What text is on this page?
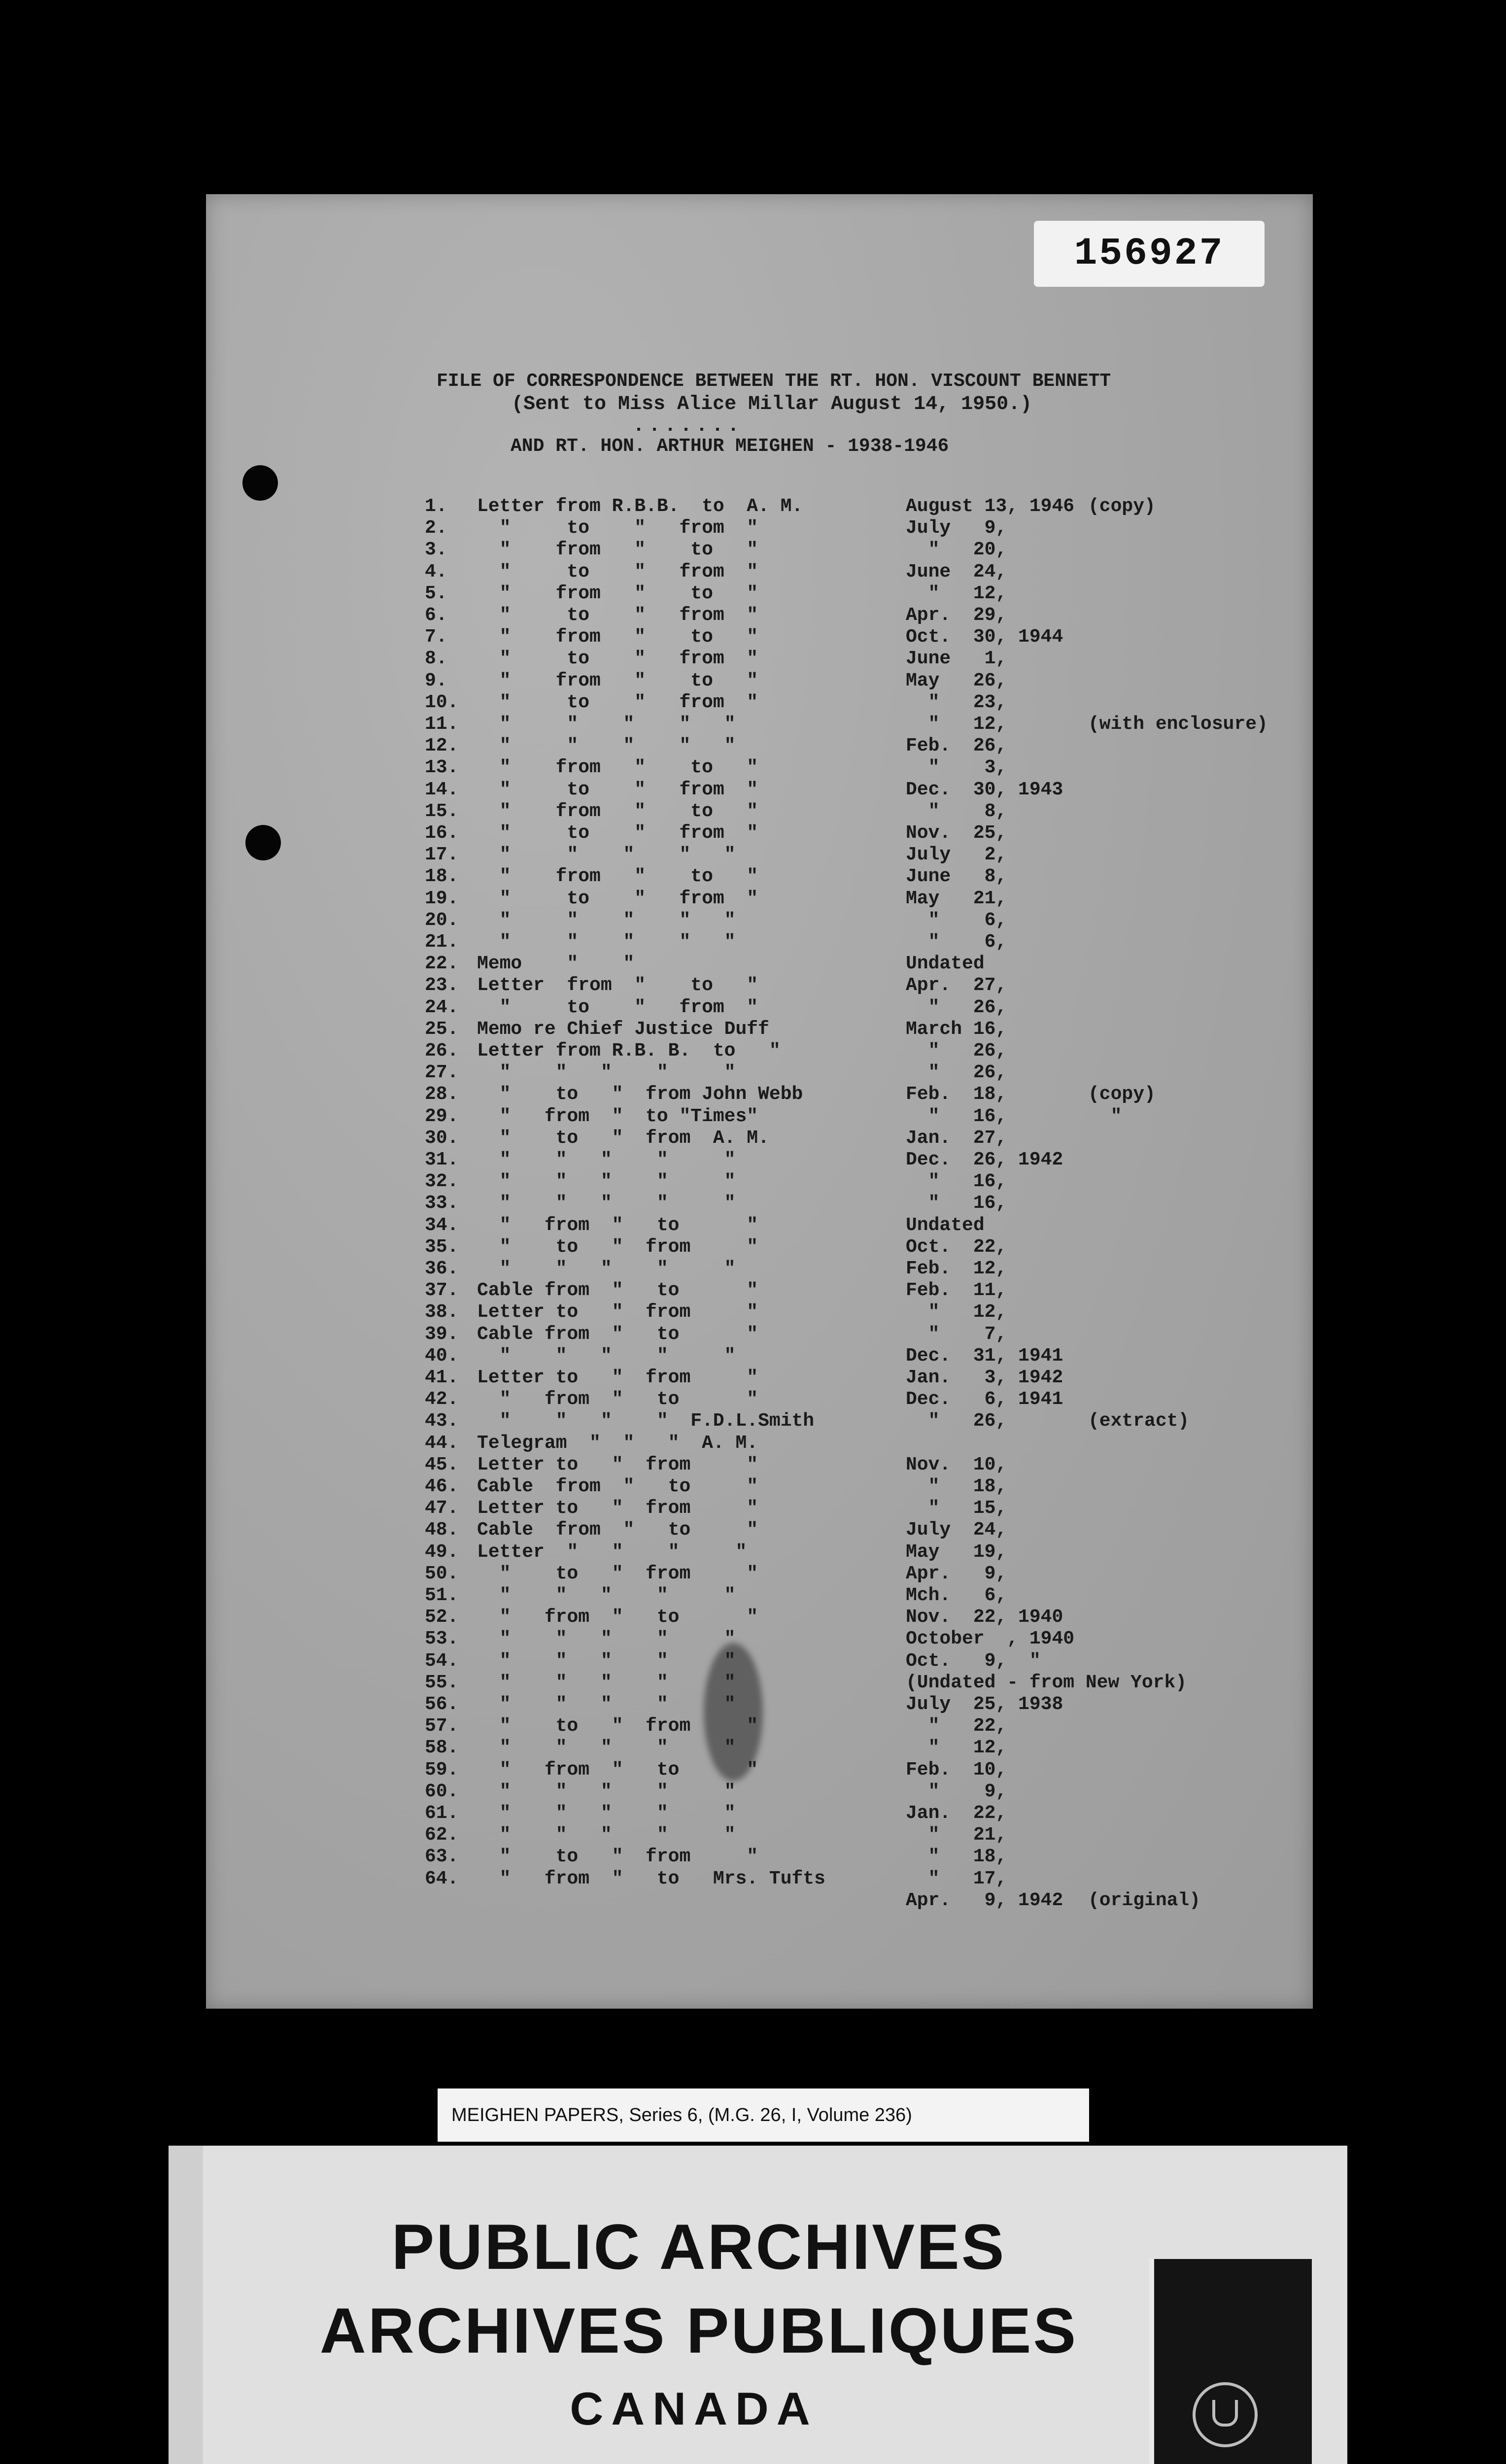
156927

FILE OF CORRESPONDENCE BETWEEN THE RT. HON. VISCOUNT BENNETT

AND RT. HON. ARTHUR MEIGHEN - 1938-1946

(Sent to Miss Alice Millar August 14, 1950.)
.......
1. Letter from R.B.B.  to  A. M.	August 13, 1946 (copy)
2. "     to    "   from  "	July   9,
3. "    from   "    to   "	"   20,
4. "     to    "   from  "	June  24,
5. "    from   "    to   "	"   12,
6. "     to    "   from  "	Apr.  29,
7. "    from   "    to   "	Oct.  30, 1944
8. "     to    "   from  "	June   1,
9. "    from   "    to   "	May   26,
10. "     to    "   from  "	"   23,
11. "     "    "    "   "	"   12,	(with enclosure)
12. "     "    "    "   "	Feb.  26,
13. "    from   "    to   "	"    3,
14. "     to    "   from  "	Dec.  30, 1943
15. "    from   "    to   "	"    8,
16. "     to    "   from  "	Nov.  25,
17. "     "    "    "   "	July   2,
18. "    from   "    to   "	June   8,
19. "     to    "   from  "	May   21,
20. "     "    "    "   "	"    6,
21. "     "    "    "   "	"    6,
22. Memo    "    "	Undated
23. Letter  from  "    to   "	Apr.  27,
24. "     to    "   from  "	"   26,
25. Memo re Chief Justice Duff	March 16,
26. Letter from R.B. B.  to   "	"   26,
27. "    "   "    "     "	"   26,
28. "    to   "  from John Webb	Feb.  18,	(copy)
29. "   from  "  to "Times"	"   16,	"
30. "    to   "  from  A. M.	Jan.  27,
31. "    "   "    "     "	Dec.  26, 1942
32. "    "   "    "     "	"   16,
33. "    "   "    "     "	"   16,
34. "   from  "   to      "	Undated
35. "    to   "  from     "	Oct.  22,
36. "    "   "    "     "	Feb.  12,
37. Cable from  "   to      "	Feb.  11,
38. Letter to   "  from     "	"   12,
39. Cable from  "   to      "	"    7,
40. "    "   "    "     "	Dec.  31, 1941
41. Letter to   "  from     "	Jan.   3, 1942
42. "   from  "   to      "	Dec.   6, 1941
43. "    "   "    "  F.D.L.Smith	"   26,	(extract)
44. Telegram  "  "   "  A. M.
45. Letter to   "  from     "	Nov.  10,
46. Cable  from  "   to     "	"   18,
47. Letter to   "  from     "	"   15,
48. Cable  from  "   to     "	July  24,
49. Letter  "   "    "     "	May   19,
50. "    to   "  from     "	Apr.   9,
51. "    "   "    "     "	Mch.   6,
52. "   from  "   to      "	Nov.  22, 1940
53. "    "   "    "     "	October  , 1940
54. "    "   "    "     "	Oct.   9,  "
55. "    "   "    "     "	(Undated - from New York)
56. "    "   "    "     "	July  25, 1938
57. "    to   "  from     "	"   22,
58. "    "   "    "     "	"   12,
59. "   from  "   to      "	Feb.  10,
60. "    "   "    "     "	"    9,
61. "    "   "    "     "	Jan.  22,
62. "    "   "    "     "	"   21,
63. "    to   "  from     "	"   18,
64. "   from  "   to   Mrs. Tufts	"   17,
Apr.   9, 1942 (original)
MEIGHEN PAPERS, Series 6, (M.G. 26, I, Volume 236)
PUBLIC ARCHIVES
ARCHIVES PUBLIQUES
CANADA
